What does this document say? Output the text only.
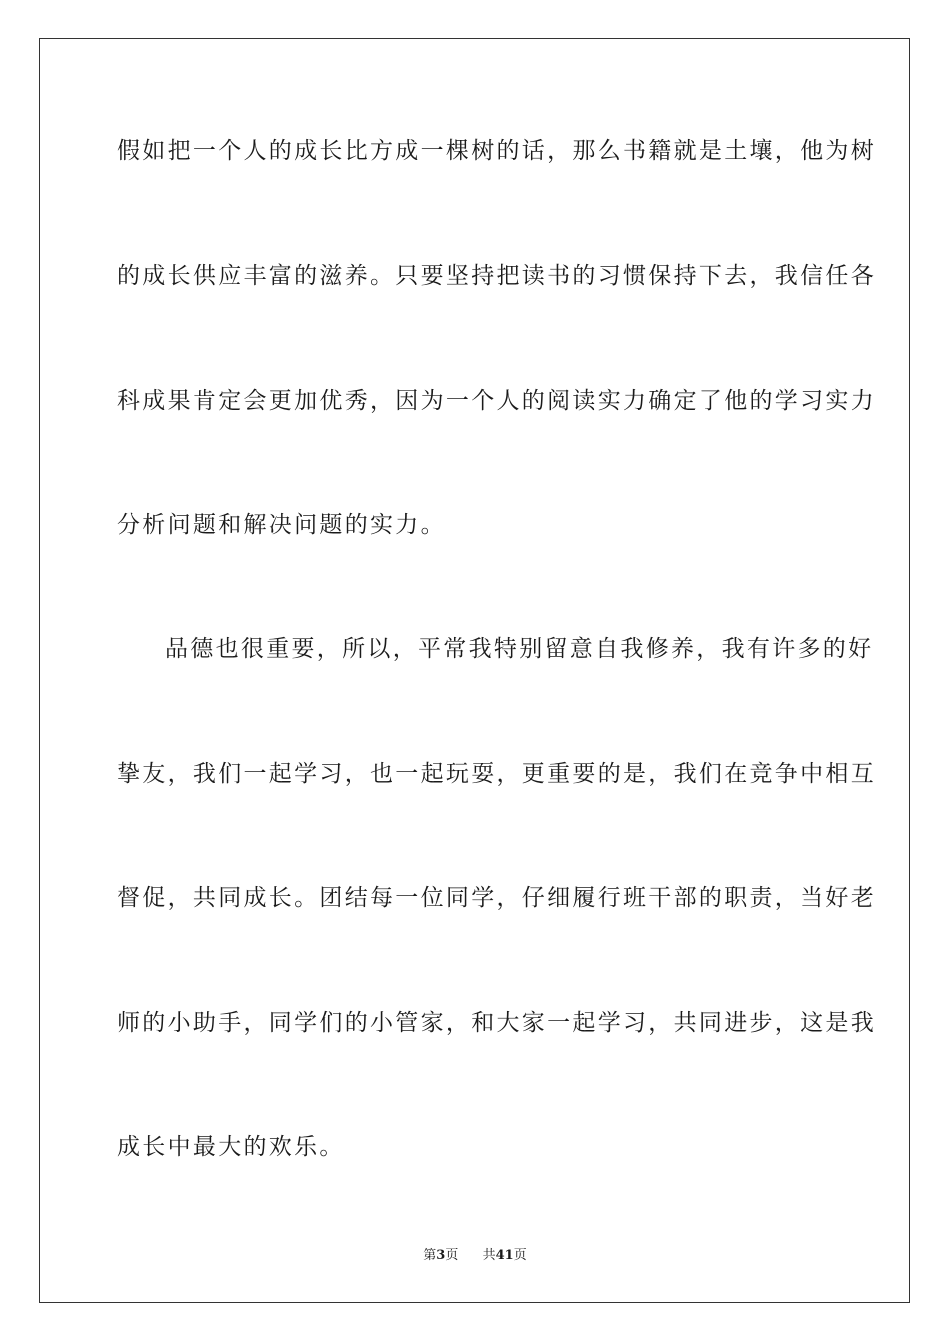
假如把一个人的成长比方成一棵树的话，那么书籍就是土壤，他为树
的成长供应丰富的滋养。只要坚持把读书的习惯保持下去，我信任各
科成果肯定会更加优秀，因为一个人的阅读实力确定了他的学习实力
分析问题和解决问题的实力。
品德也很重要，所以，平常我特别留意自我修养，我有许多的好
挚友，我们一起学习，也一起玩耍，更重要的是，我们在竞争中相互
督促，共同成长。团结每一位同学，仔细履行班干部的职责，当好老
师的小助手，同学们的小管家，和大家一起学习，共同进步，这是我
成长中最大的欢乐。
第3页 共41页
